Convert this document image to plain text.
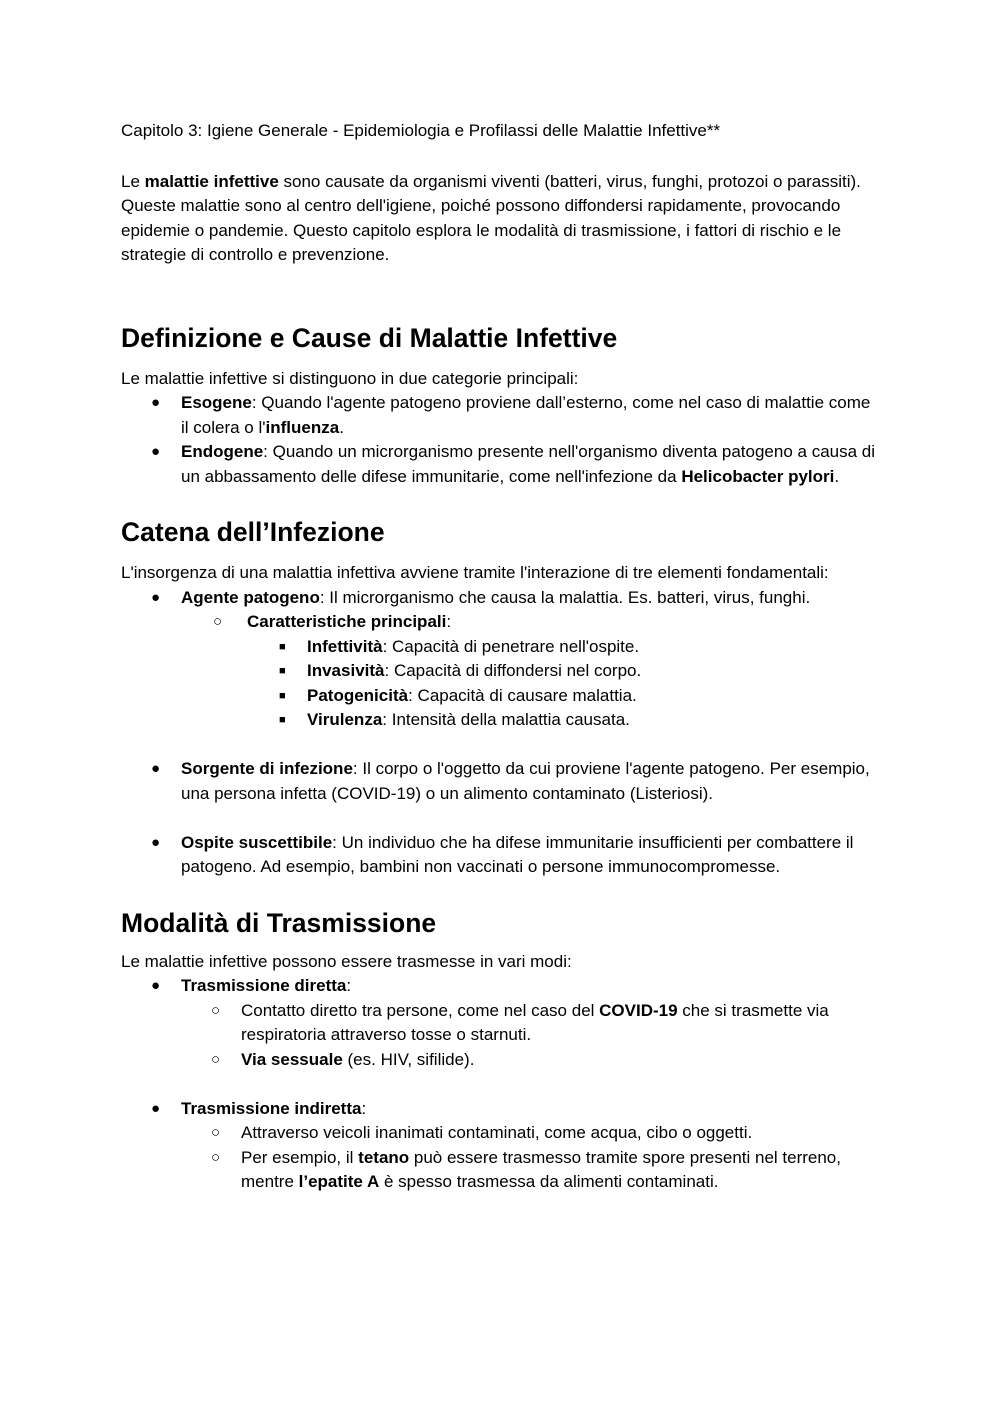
Capitolo 3: Igiene Generale - Epidemiologia e Profilassi delle Malattie Infettive**

Le malattie infettive sono causate da organismi viventi (batteri, virus, funghi, protozoi o parassiti). Queste malattie sono al centro dell'igiene, poiché possono diffondersi rapidamente, provocando epidemie o pandemie. Questo capitolo esplora le modalità di trasmissione, i fattori di rischio e le strategie di controllo e prevenzione.

Definizione e Cause di Malattie Infettive

Le malattie infettive si distinguono in due categorie principali:

● Esogene: Quando l'agente patogeno proviene dall’esterno, come nel caso di malattie come il colera o l'influenza.
● Endogene: Quando un microrganismo presente nell'organismo diventa patogeno a causa di un abbassamento delle difese immunitarie, come nell'infezione da Helicobacter pylori.
Catena dell’Infezione

L'insorgenza di una malattia infettiva avviene tramite l'interazione di tre elementi fondamentali:

● Agente patogeno: Il microrganismo che causa la malattia. Es. batteri, virus, funghi.
○ Caratteristiche principali:
■ Infettività: Capacità di penetrare nell'ospite.
■ Invasività: Capacità di diffondersi nel corpo.
■ Patogenicità: Capacità di causare malattia.
■ Virulenza: Intensità della malattia causata.
● Sorgente di infezione: Il corpo o l'oggetto da cui proviene l'agente patogeno. Per esempio, una persona infetta (COVID-19) o un alimento contaminato (Listeriosi).
● Ospite suscettibile: Un individuo che ha difese immunitarie insufficienti per combattere il patogeno. Ad esempio, bambini non vaccinati o persone immunocompromesse.
Modalità di Trasmissione

Le malattie infettive possono essere trasmesse in vari modi:

● Trasmissione diretta:
○ Contatto diretto tra persone, come nel caso del COVID-19 che si trasmette via respiratoria attraverso tosse o starnuti.
○ Via sessuale (es. HIV, sifilide).
● Trasmissione indiretta:
○ Attraverso veicoli inanimati contaminati, come acqua, cibo o oggetti.
○ Per esempio, il tetano può essere trasmesso tramite spore presenti nel terreno, mentre l’epatite A è spesso trasmessa da alimenti contaminati.
